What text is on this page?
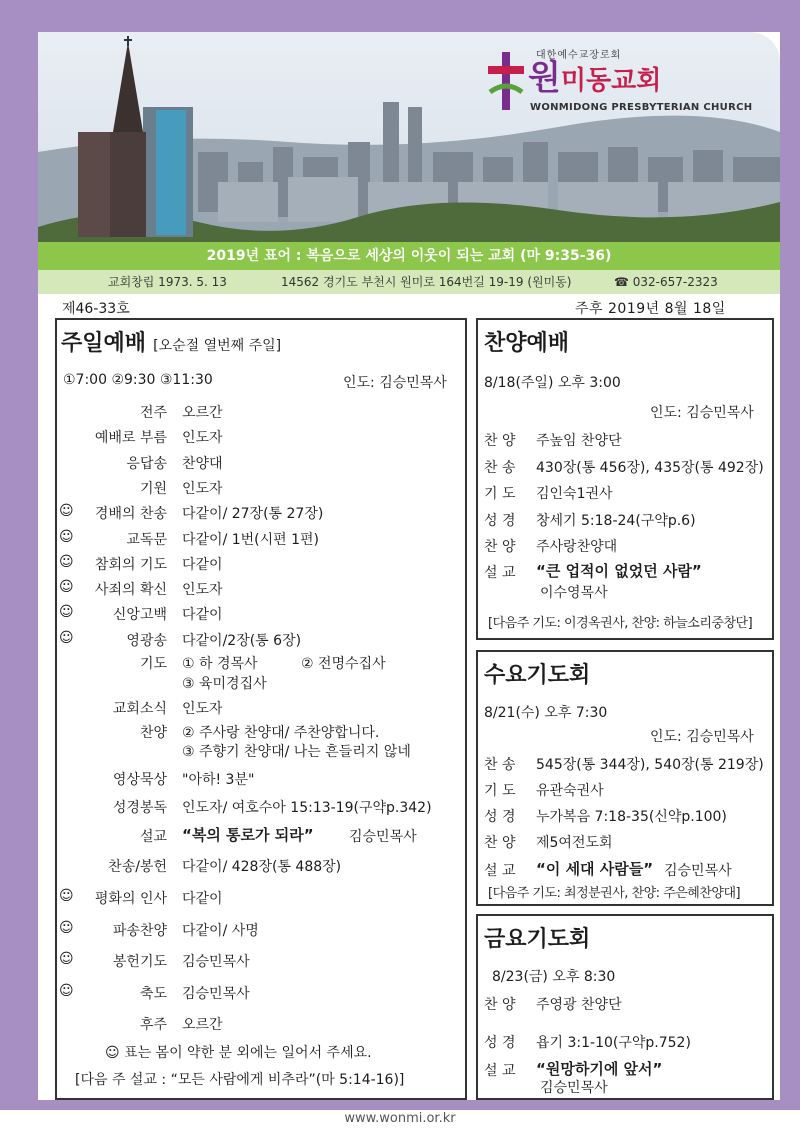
대한예수교장로회
원미동교회
WONMIDONG PRESBYTERIAN CHURCH
2019년 표어 : 복음으로 세상의 이웃이 되는 교회 (마 9:35-36)
교회창립 1973. 5. 13	14562 경기도 부천시 원미로 164번길 19-19 (원미동)	☎ 032-657-2323
제46-33호	주후 2019년 8월 18일
주일예배 [오순절 열번째 주일]
①7:00 ②9:30 ③11:30	인도: 김승민목사
전주 오르간
예배로 부름 인도자
응답송 찬양대
기원 인도자
☺	경배의 찬송 다같이/ 27장(통 27장)
☺	교독문 다같이/ 1번(시편 1편)
☺	참회의 기도 다같이
☺	사죄의 확신 인도자
☺	신앙고백 다같이
☺	영광송 다같이/2장(통 6장)
기도 ① 하 경목사	② 전명수집사
③ 육미경집사
교회소식 인도자
찬양 ② 주사랑 찬양대/ 주찬양합니다.
③ 주향기 찬양대/ 나는 흔들리지 않네
영상묵상 "아하! 3분"
성경봉독 인도자/ 여호수아 15:13-19(구약p.342)
설교 “복의 통로가 되라”	김승민목사
찬송/봉헌 다같이/ 428장(통 488장)
☺	평화의 인사 다같이
☺	파송찬양 다같이/ 사명
☺	봉헌기도 김승민목사
☺	축도 김승민목사
후주 오르간
☺ 표는 몸이 약한 분 외에는 일어서 주세요.
[다음 주 설교 : “모든 사람에게 비추라”(마 5:14-16)]
찬양예배
8/18(주일) 오후 3:00
인도: 김승민목사
찬 양 주높임 찬양단
찬 송 430장(통 456장), 435장(통 492장)
기 도 김인숙1권사
성 경 창세기 5:18-24(구약p.6)
찬 양 주사랑찬양대
설 교 “큰 업적이 없었던 사람”
이수영목사
[다음주 기도: 이경옥권사, 찬양: 하늘소리중창단]
수요기도회
8/21(수) 오후 7:30
인도: 김승민목사
찬 송 545장(통 344장), 540장(통 219장)
기 도 유관숙권사
성 경 누가복음 7:18-35(신약p.100)
찬 양 제5여전도회
설 교 “이 세대 사람들” 김승민목사
[다음주 기도: 최정분권사, 찬양: 주은혜찬양대]
금요기도회
8/23(금) 오후 8:30
찬 양 주영광 찬양단
성 경 욥기 3:1-10(구약p.752)
설 교 “원망하기에 앞서”
김승민목사
www.wonmi.or.kr
